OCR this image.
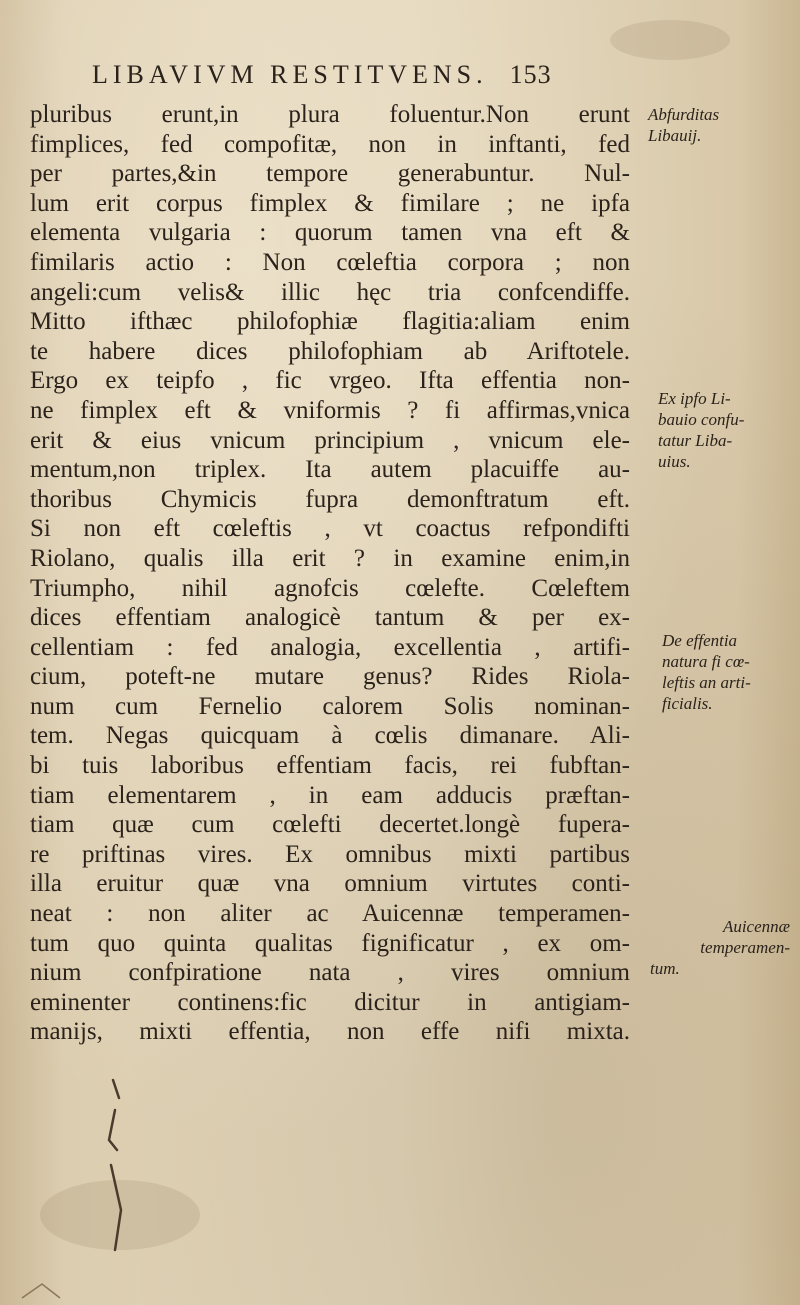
LIBAVIVM RESTITVENS. 153
pluribus erunt,in plura foluentur.Non erunt
fimplices, fed compofitæ, non in inftanti, fed
per partes,&in tempore generabuntur. Nul-
lum erit corpus fimplex & fimilare ; ne ipfa
elementa vulgaria : quorum tamen vna eft &
fimilaris actio : Non cœleftia corpora ; non
angeli:cum velis& illic hęc tria confcendiffe.
Mitto ifthæc philofophiæ flagitia:aliam enim
te habere dices philofophiam ab Ariftotele.
Ergo ex teipfo , fic vrgeo. Ifta effentia non-
ne fimplex eft & vniformis ? fi affirmas,vnica
erit & eius vnicum principium , vnicum ele-
mentum,non triplex. Ita autem placuiffe au-
thoribus Chymicis fupra demonftratum eft.
Si non eft cœleftis , vt coactus refpondifti
Riolano, qualis illa erit ? in examine enim,in
Triumpho, nihil agnofcis cœlefte. Cœleftem
dices effentiam analogicè tantum & per ex-
cellentiam : fed analogia, excellentia , artifi-
cium, poteft-ne mutare genus? Rides Riola-
num cum Fernelio calorem Solis nominan-
tem. Negas quicquam à cœlis dimanare. Ali-
bi tuis laboribus effentiam facis, rei fubftan-
tiam elementarem , in eam adducis præftan-
tiam quæ cum cœlefti decertet.longè fupera-
re priftinas vires. Ex omnibus mixti partibus
illa eruitur quæ vna omnium virtutes conti-
neat : non aliter ac Auicennæ temperamen-
tum quo quinta qualitas fignificatur , ex om-
nium confpiratione nata , vires omnium
eminenter continens:fic dicitur in antigiam-
manijs, mixti effentia, non effe nifi mixta.
Abfurditas
Libauij.
Ex ipfo Li-
bauio confu-
tatur Liba-
uius.
De effentia
natura fi cœ-
leftis an arti-
ficialis.
Auicennæ
temperamen-
tum.
